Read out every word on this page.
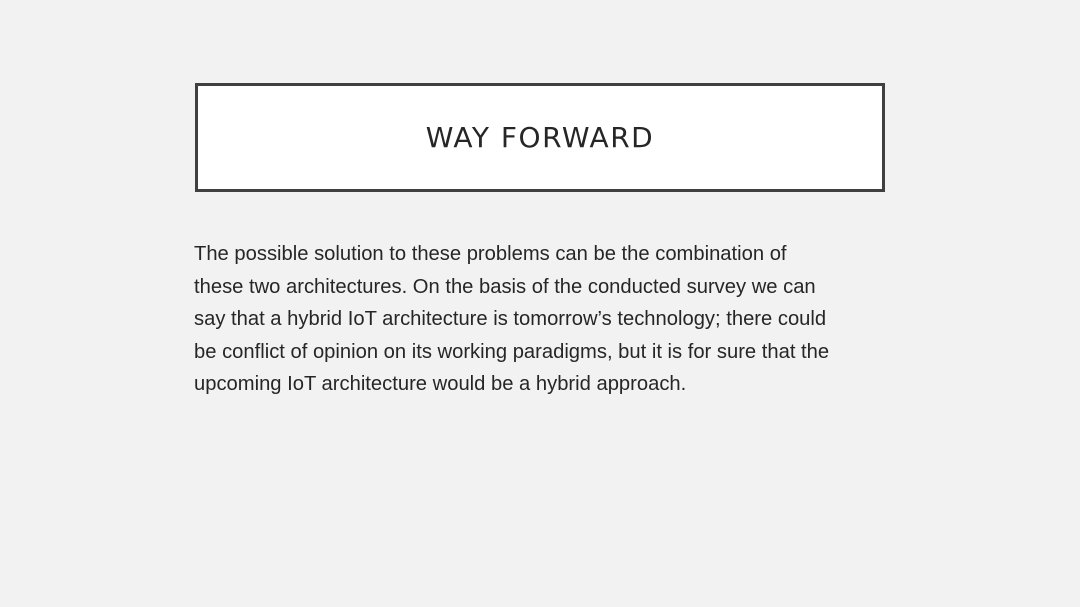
WAY FORWARD

The possible solution to these problems can be the combination of
these two architectures. On the basis of the conducted survey we can
say that a hybrid IoT architecture is tomorrow’s technology; there could
be conflict of opinion on its working paradigms, but it is for sure that the
upcoming IoT architecture would be a hybrid approach.
